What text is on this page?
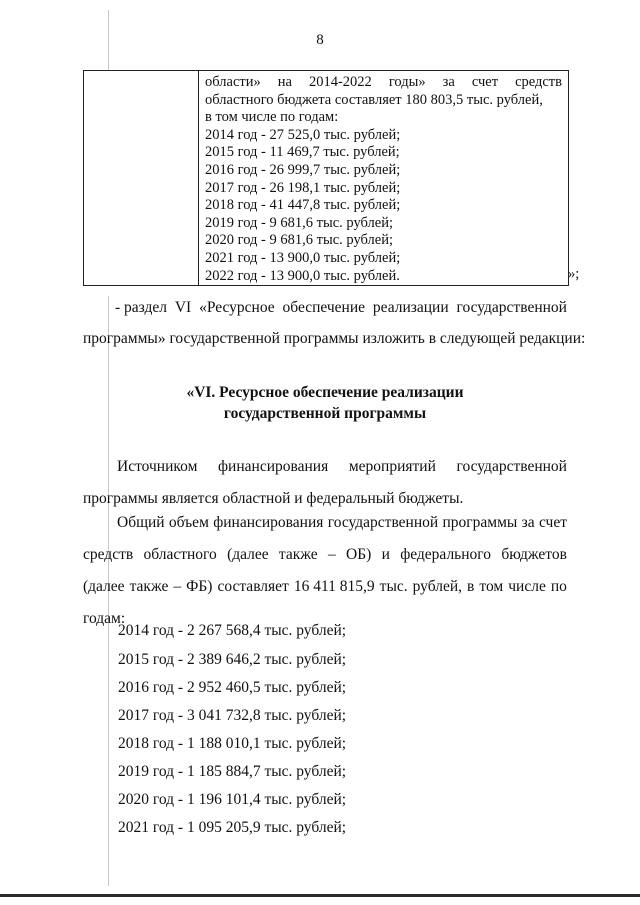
8

области» на 2014-2022 годы» за счет средств
областного бюджета составляет 180 803,5 тыс. рублей,
в том числе по годам:
2014 год - 27 525,0 тыс. рублей;
2015 год - 11 469,7 тыс. рублей;
2016 год - 26 999,7 тыс. рублей;
2017 год - 26 198,1 тыс. рублей;
2018 год - 41 447,8 тыс. рублей;
2019 год - 9 681,6 тыс. рублей;
2020 год - 9 681,6 тыс. рублей;
2021 год - 13 900,0 тыс. рублей;
2022 год - 13 900,0 тыс. рублей.	»;
- раздел VI «Ресурсное обеспечение реализации государственной
программы» государственной программы изложить в следующей редакции:
«VI. Ресурсное обеспечение реализации
государственной программы
Источником финансирования мероприятий государственной
программы является областной и федеральный бюджеты.
Общий объем финансирования государственной программы за счет
средств областного (далее также – ОБ) и федерального бюджетов
(далее также – ФБ) составляет 16 411 815,9 тыс. рублей, в том числе по
годам:
2014 год - 2 267 568,4 тыс. рублей;
2015 год - 2 389 646,2 тыс. рублей;
2016 год - 2 952 460,5 тыс. рублей;
2017 год - 3 041 732,8 тыс. рублей;
2018 год - 1 188 010,1 тыс. рублей;
2019 год - 1 185 884,7 тыс. рублей;
2020 год - 1 196 101,4 тыс. рублей;
2021 год - 1 095 205,9 тыс. рублей;
